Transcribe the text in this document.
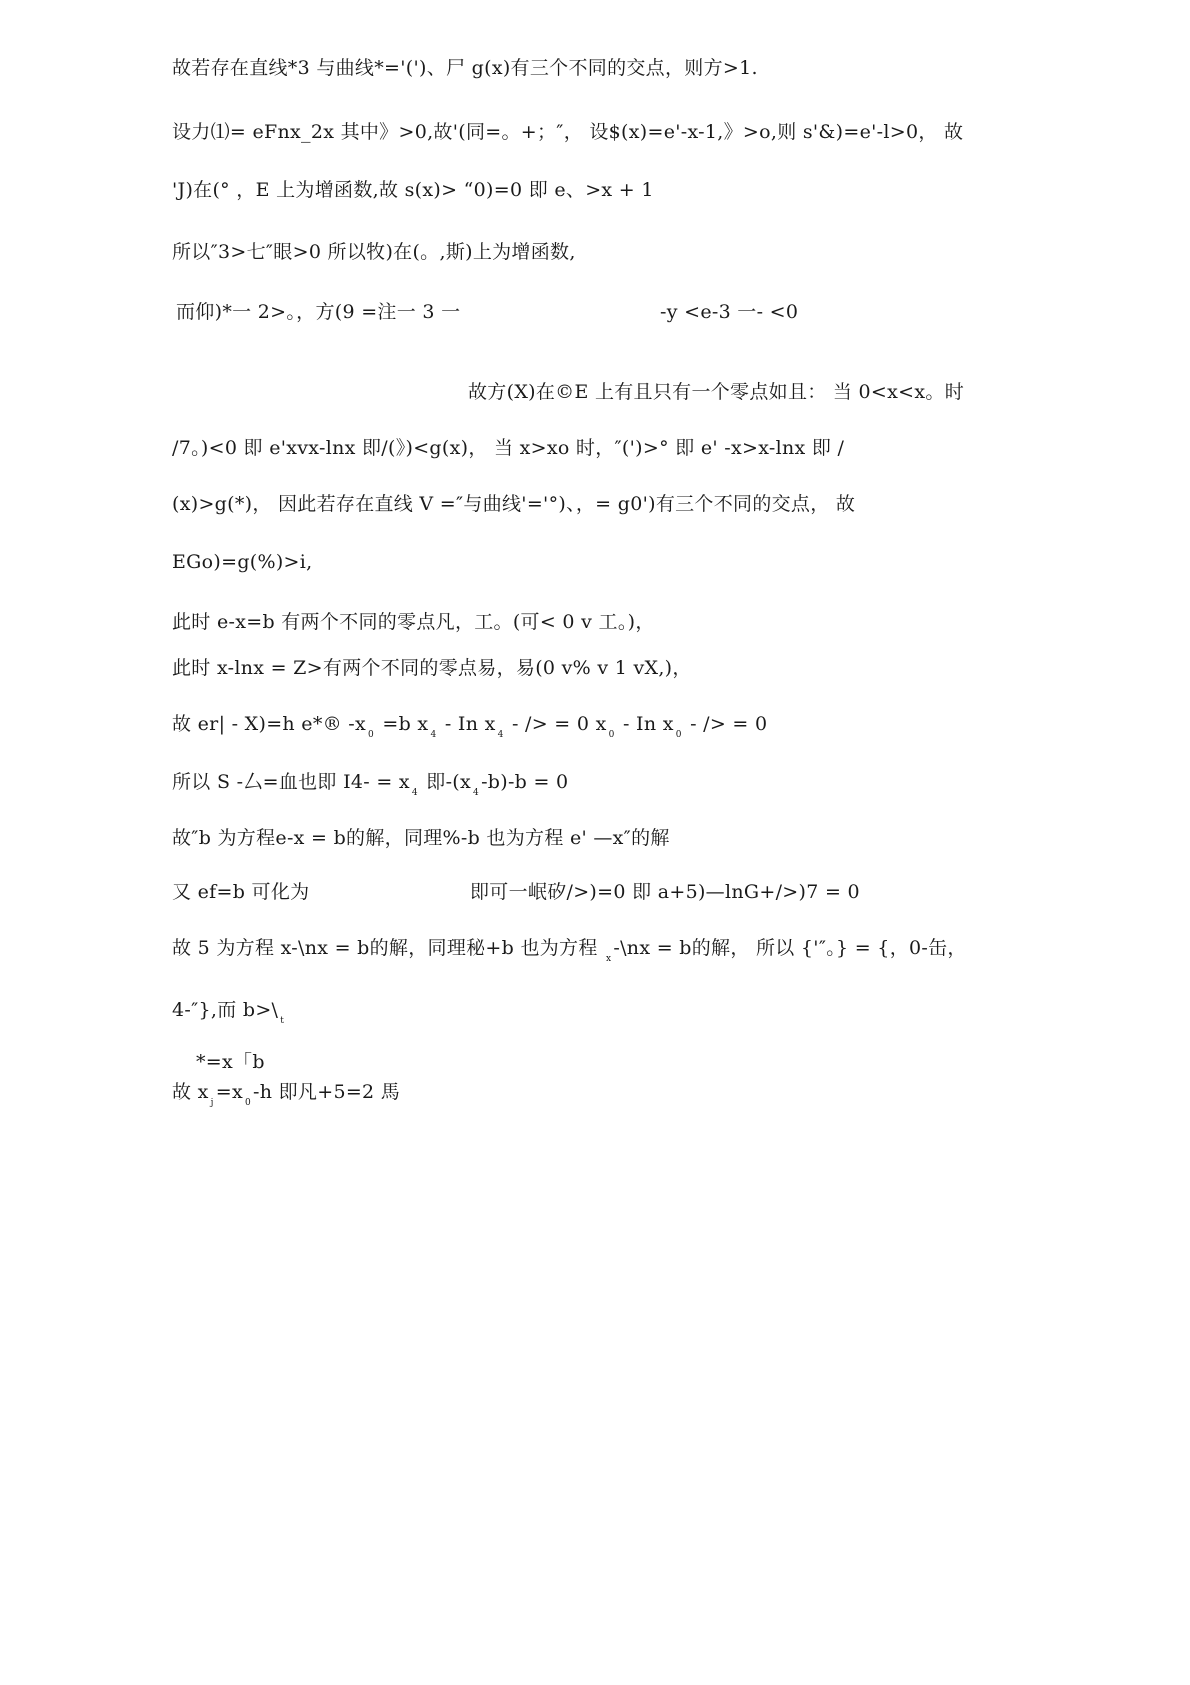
故若存在直线*3 与曲线*='(')、尸 g(x)有三个不同的交点，则方>1.
设力⑴= eFnx_2x 其中》>0,故'(同=。+；″， 设$(x)=e'-x-1,》>o,则 s'&)=e'-l>0， 故
'J)在(° ，E 上为增函数,故 s(x)> “0)=0 即 e、>x + 1
所以″3>七″眼>0 所以牧)在(。,斯)上为增函数,
而仰)*一 2>。，方(9 =注一 3 一	-y <e-3 一- <0
故方(X)在©E 上有且只有一个零点如且： 当 0<x<x。时
/7。)<0 即 e'xvx-lnx 即/(》)<g(x)， 当 x>xo 时，″(')>° 即 e' -x>x-lnx 即 /
(x)>g(*)， 因此若存在直线 V =″与曲线'='°)、，= g0')有三个不同的交点， 故
EGo)=g(%)>i,
此时 e-x=b 有两个不同的零点凡，工。(可< 0 v 工。)，
此时 x-lnx = Z>有两个不同的零点易，易(0 v% v 1 vX,)，
故 er| - X)=h e*® -x $_0$ =b x $_4$ - In x $_4$ - /> = 0 x $_0$ - In x $_0$ - /> = 0
所以 S -厶=血也即 I4- = x $_4$ 即-(x $_4$ -b)-b = 0
故″b 为方程e-x = b的解，同理%-b 也为方程 e' —x″的解
又 ef=b 可化为	即可一岷矽/>)=0 即 a+5)—lnG+/>)7 = 0
故 5 为方程 x-\nx = b的解，同理秘+b 也为方程 $_x$ -\nx = b的解， 所以 {'″。} = {，0-缶，
4-″},而 b>\ $_t$
*=x「b
故 x $_j$ =x $_0$ -h 即凡+5=2 馬
